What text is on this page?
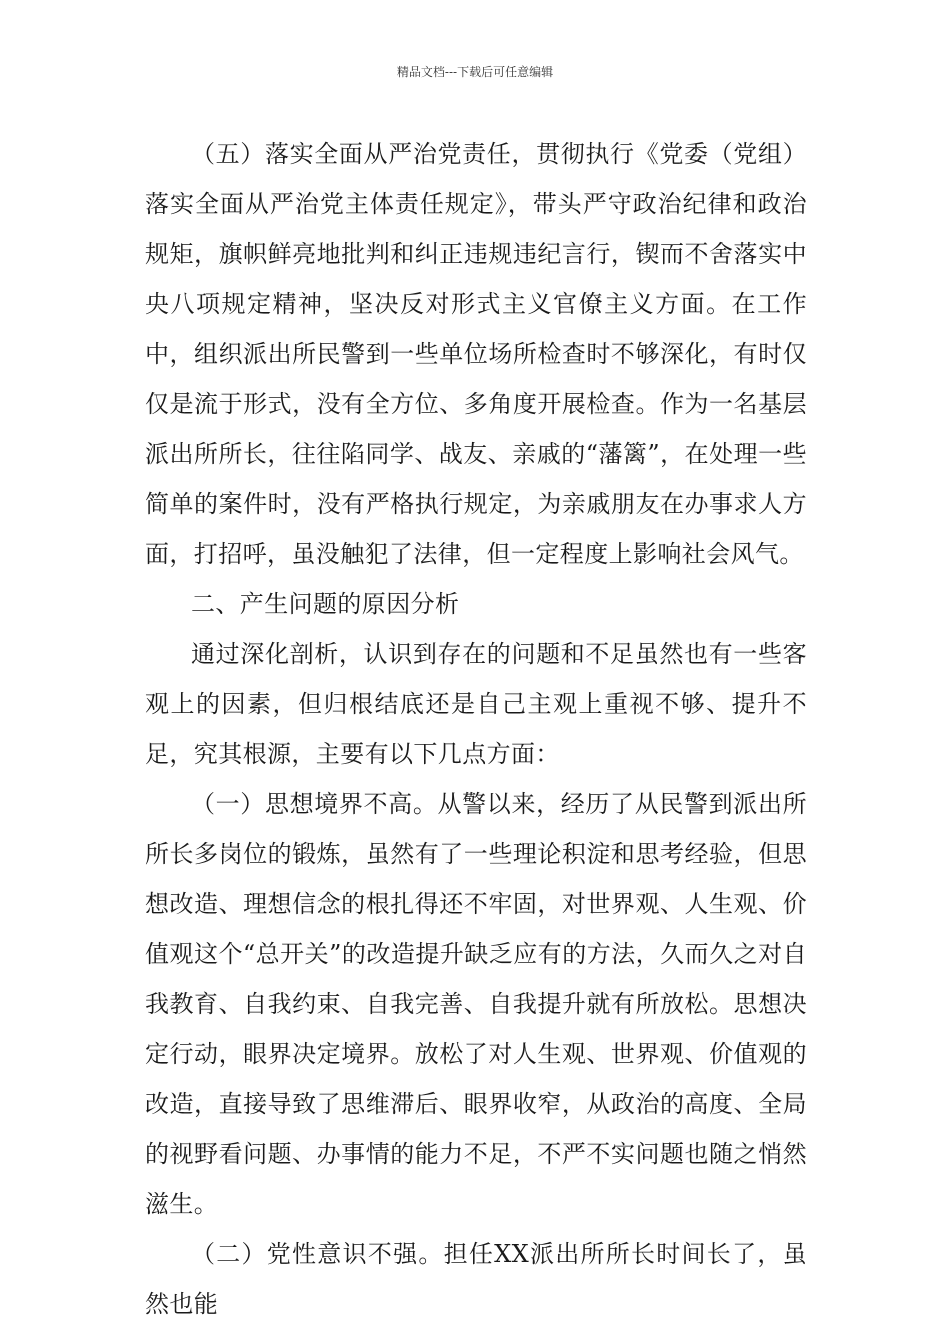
精品文档---下载后可任意编辑

（五）落实全面从严治党责任，贯彻执行《党委（党组）落实全面从严治党主体责任规定》，带头严守政治纪律和政治规矩，旗帜鲜亮地批判和纠正违规违纪言行，锲而不舍落实中央八项规定精神，坚决反对形式主义官僚主义方面。在工作中，组织派出所民警到一些单位场所检查时不够深化，有时仅仅是流于形式，没有全方位、多角度开展检查。作为一名基层派出所所长，往往陷同学、战友、亲戚的“藩篱”，在处理一些简单的案件时，没有严格执行规定，为亲戚朋友在办事求人方面，打招呼，虽没触犯了法律，但一定程度上影响社会风气。

二、产生问题的原因分析

通过深化剖析，认识到存在的问题和不足虽然也有一些客观上的因素，但归根结底还是自己主观上重视不够、提升不足，究其根源，主要有以下几点方面：

（一）思想境界不高。从警以来，经历了从民警到派出所所长多岗位的锻炼，虽然有了一些理论积淀和思考经验，但思想改造、理想信念的根扎得还不牢固，对世界观、人生观、价值观这个“总开关”的改造提升缺乏应有的方法，久而久之对自我教育、自我约束、自我完善、自我提升就有所放松。思想决定行动，眼界决定境界。放松了对人生观、世界观、价值观的改造，直接导致了思维滞后、眼界收窄，从政治的高度、全局的视野看问题、办事情的能力不足，不严不实问题也随之悄然滋生。

（二）党性意识不强。担任XX派出所所长时间长了，虽然也能
